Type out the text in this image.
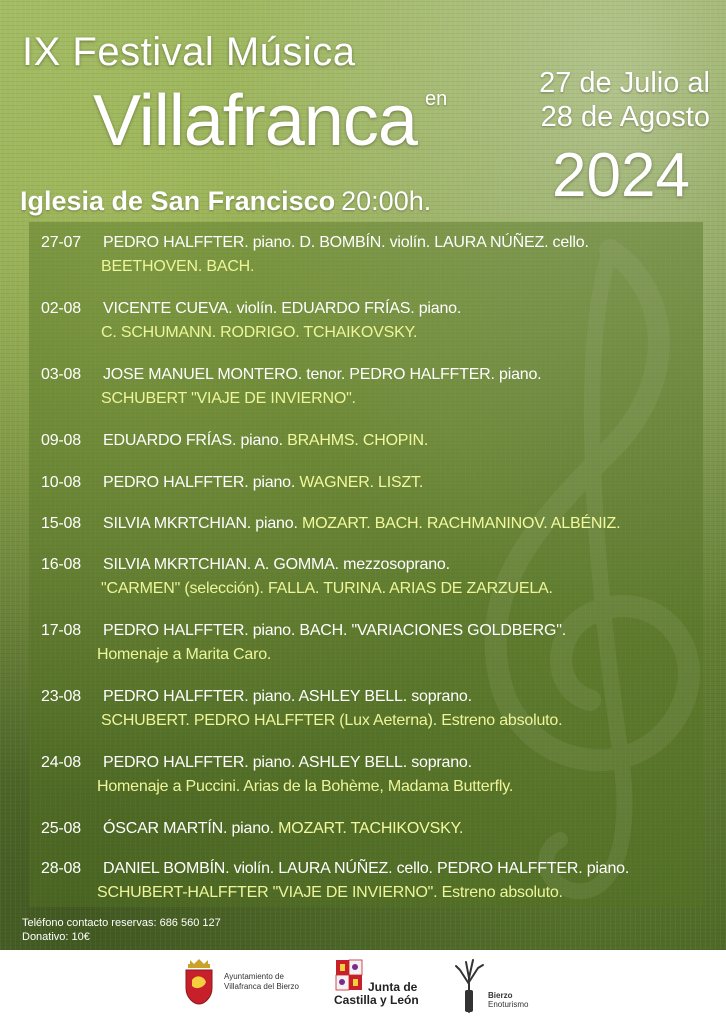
IX Festival Música
Villafranca en	27 de Julio al
28 de Agosto
2024
Iglesia de San Francisco 20:00h.
27-07 PEDRO HALFFTER. piano. D. BOMBÍN. violín. LAURA NÚÑEZ. cello.
BEETHOVEN. BACH.
02-08 VICENTE CUEVA. violín. EDUARDO FRÍAS. piano.
C. SCHUMANN. RODRIGO. TCHAIKOVSKY.
03-08 JOSE MANUEL MONTERO. tenor. PEDRO HALFFTER. piano.
SCHUBERT "VIAJE DE INVIERNO".
09-08 EDUARDO FRÍAS. piano. BRAHMS. CHOPIN.
10-08 PEDRO HALFFTER. piano. WAGNER. LISZT.
15-08 SILVIA MKRTCHIAN. piano. MOZART. BACH. RACHMANINOV. ALBÉNIZ.
16-08 SILVIA MKRTCHIAN. A. GOMMA. mezzosoprano.
"CARMEN" (selección). FALLA. TURINA. ARIAS DE ZARZUELA.
17-08 PEDRO HALFFTER. piano. BACH. "VARIACIONES GOLDBERG".
Homenaje a Marita Caro.
23-08 PEDRO HALFFTER. piano. ASHLEY BELL. soprano.
SCHUBERT. PEDRO HALFFTER (Lux Aeterna). Estreno absoluto.
24-08 PEDRO HALFFTER. piano. ASHLEY BELL. soprano.
Homenaje a Puccini. Arias de la Bohème, Madama Butterfly.
25-08 ÓSCAR MARTÍN. piano. MOZART. TACHIKOVSKY.
28-08 DANIEL BOMBÍN. violín. LAURA NÚÑEZ. cello. PEDRO HALFFTER. piano.
SCHUBERT-HALFFTER "VIAJE DE INVIERNO". Estreno absoluto.
Teléfono contacto reservas: 686 560 127
Donativo: 10€
Ayuntamiento de
Villafranca del Bierzo	Junta de
Castilla y León	Bierzo
Enoturismo
